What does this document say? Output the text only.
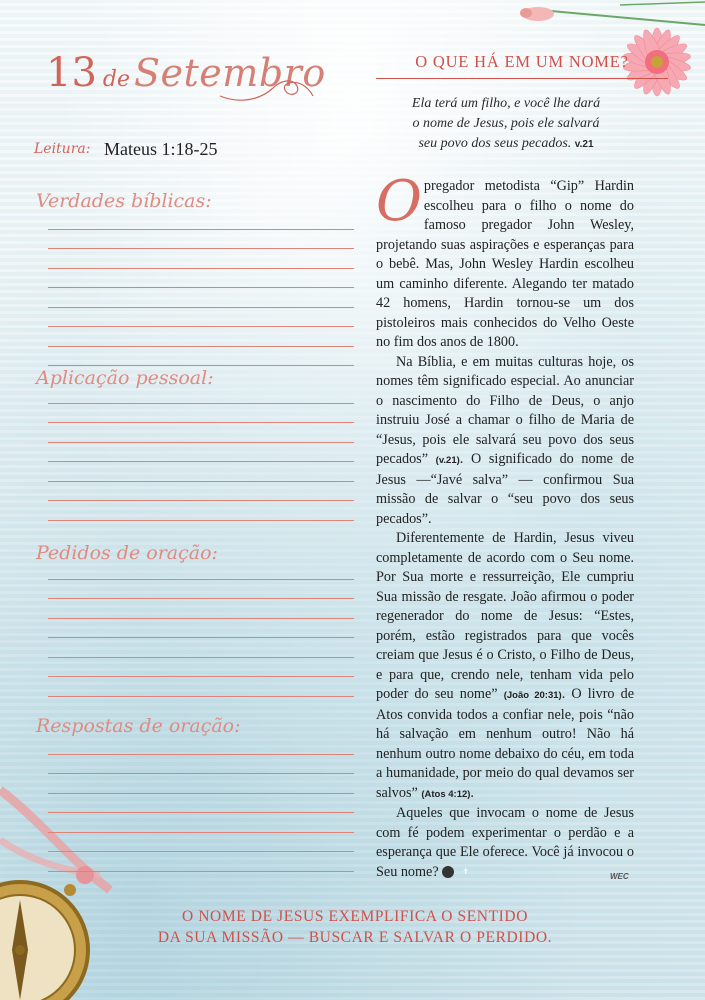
13 de Setembro
Leitura: Mateus 1:18-25
Verdades bíblicas:
Aplicação pessoal:
Pedidos de oração:
Respostas de oração:
O QUE HÁ EM UM NOME?
Ela terá um filho, e você lhe dará
o nome de Jesus, pois ele salvará
seu povo dos seus pecados. v.21

Opregador metodista “Gip” Hardin escolheu para o filho o nome do famoso pregador John Wesley, projetando suas aspirações e esperanças para o bebê. Mas, John Wesley Hardin escolheu um caminho diferente. Alegando ter matado 42 homens, Hardin tornou-se um dos pistoleiros mais conhecidos do Velho Oeste no fim dos anos de 1800.

Na Bíblia, e em muitas culturas hoje, os nomes têm significado especial. Ao anunciar o nascimento do Filho de Deus, o anjo instruiu José a chamar o filho de Maria de “Jesus, pois ele salvará seu povo dos seus pecados” (v.21). O significado do nome de Jesus —“Javé salva” — confirmou Sua missão de salvar o “seu povo dos seus pecados”.

Diferentemente de Hardin, Jesus viveu completamente de acordo com o Seu nome. Por Sua morte e ressurreição, Ele cumpriu Sua missão de resgate. João afirmou o poder regenerador do nome de Jesus: “Estes, porém, estão registrados para que vocês creiam que Jesus é o Cristo, o Filho de Deus, e para que, crendo nele, tenham vida pelo poder do seu nome” (João 20:31). O livro de Atos convida todos a confiar nele, pois “não há salvação em nenhum outro! Não há nenhum outro nome debaixo do céu, em toda a humanidade, por meio do qual devamos ser salvos” (Atos 4:12).

Aqueles que invocam o nome de Jesus com fé podem experimentar o perdão e a esperança que Ele oferece. Você já invocou o Seu nome?	✝

WEC
O NOME DE JESUS EXEMPLIFICA O SENTIDO
DA SUA MISSÃO — BUSCAR E SALVAR O PERDIDO.
